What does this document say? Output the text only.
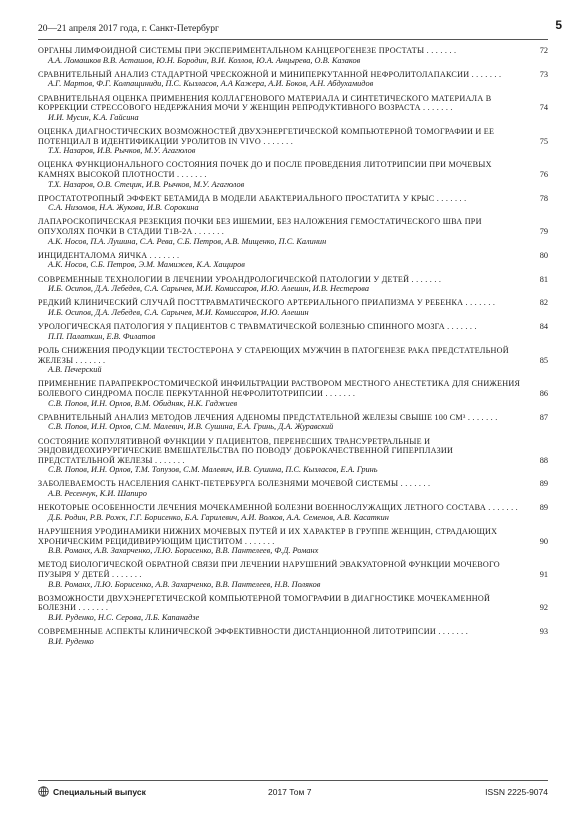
20—21 апреля 2017 года, г. Санкт-Петербург	5
ОРГАНЫ ЛИМФОИДНОЙ СИСТЕМЫ ПРИ ЭКСПЕРИМЕНТАЛЬНОМ КАНЦЕРОГЕНЕЗЕ ПРОСТАТЫ . . . . . . .	72
А.А. Ломашков В.В. Асташов, Ю.Н. Бородин, В.И. Козлов, Ю.А. Анцырева, О.В. Казаков
СРАВНИТЕЛЬНЫЙ АНАЛИЗ СТАДАРТНОЙ ЧРЕСКОЖНОЙ И МИНИПЕРКУТАННОЙ НЕФРОЛИТОЛАПАКСИИ . . . . . . .	73
А.Г. Мартов, Ф.Г. Колпащиниди, П.С. Кызласов, А.А Кажера, А.И. Боков, А.Н. Абдухамидов
СРАВНИТЕЛЬНАЯ ОЦЕНКА ПРИМЕНЕНИЯ КОЛЛАГЕНОВОГО МАТЕРИАЛА И СИНТЕТИЧЕСКОГО МАТЕРИАЛА В КОРРЕКЦИИ СТРЕССОВОГО НЕДЕРЖАНИЯ МОЧИ У ЖЕНЩИН РЕПРОДУКТИВНОГО ВОЗРАСТА . . . . . . .	74
И.И. Мусин, К.А. Гайсина
ОЦЕНКА ДИАГНОСТИЧЕСКИХ ВОЗМОЖНОСТЕЙ ДВУХЭНЕРГЕТИЧЕСКОЙ КОМПЬЮТЕРНОЙ ТОМОГРАФИИ И ЕЕ ПОТЕНЦИАЛ В ИДЕНТИФИКАЦИИ УРОЛИТОВ IN VIVO . . . . . . .	75
Т.Х. Назаров, И.В. Рычков, М.У. Агагюлов
ОЦЕНКА ФУНКЦИОНАЛЬНОГО СОСТОЯНИЯ ПОЧЕК ДО И ПОСЛЕ ПРОВЕДЕНИЯ ЛИТОТРИПСИИ ПРИ МОЧЕВЫХ КАМНЯХ ВЫСОКОЙ ПЛОТНОСТИ . . . . . . .	76
Т.Х. Назаров, О.В. Стецик, И.В. Рычков, М.У. Агагюлов
ПРОСТАТОТРОПНЫЙ ЭФФЕКТ БЕТАМИДА В МОДЕЛИ АБАКТЕРИАЛЬНОГО ПРОСТАТИТА У КРЫС . . . . . . .	78
С.А. Низомов, Н.А. Жукова, И.В. Сорокина
ЛАПАРОСКОПИЧЕСКАЯ РЕЗЕКЦИЯ ПОЧКИ БЕЗ ИШЕМИИ, БЕЗ НАЛОЖЕНИЯ ГЕМОСТАТИЧЕСКОГО ШВА ПРИ ОПУХОЛЯХ ПОЧКИ В СТАДИИ T1B-2A . . . . . . .	79
А.К. Носов, П.А. Лушина, С.А. Рева, С.Б. Петров, А.В. Мищенко, П.С. Калинин
ИНЦИДЕНТАЛОМА ЯИЧКА . . . . . . .	80
А.К. Носов, С.Б. Петров, Э.М. Мамижев, К.А. Хащиров
СОВРЕМЕННЫЕ ТЕХНОЛОГИИ В ЛЕЧЕНИИ УРОАНДРОЛОГИЧЕСКОЙ ПАТОЛОГИИ У ДЕТЕЙ . . . . . . .	81
И.Б. Осипов, Д.А. Лебедев, С.А. Сарычев, М.И. Комиссаров, И.Ю. Алешин, И.В. Нестерова
РЕДКИЙ КЛИНИЧЕСКИЙ СЛУЧАЙ ПОСТТРАВМАТИЧЕСКОГО АРТЕРИАЛЬНОГО ПРИАПИЗМА У РЕБЕНКА . . . . . . .	82
И.Б. Осипов, Д.А. Лебедев, С.А. Сарычев, М.И. Комиссаров, И.Ю. Алешин
УРОЛОГИЧЕСКАЯ ПАТОЛОГИЯ У ПАЦИЕНТОВ С ТРАВМАТИЧЕСКОЙ БОЛЕЗНЬЮ СПИННОГО МОЗГА . . . . . . .	84
П.П. Палаткин, Е.В. Филатов
РОЛЬ СНИЖЕНИЯ ПРОДУКЦИИ ТЕСТОСТЕРОНА У СТАРЕЮЩИХ МУЖЧИН В ПАТОГЕНЕЗЕ РАКА ПРЕДСТАТЕЛЬНОЙ ЖЕЛЕЗЫ . . . . . . .	85
А.В. Печерский
ПРИМЕНЕНИЕ ПАРАПРЕКРОСТОМИЧЕСКОЙ ИНФИЛЬТРАЦИИ РАСТВОРОМ МЕСТНОГО АНЕСТЕТИКА ДЛЯ СНИЖЕНИЯ БОЛЕВОГО СИНДРОМА ПОСЛЕ ПЕРКУТАННОЙ НЕФРОЛИТОТРИПСИИ . . . . . . .	86
С.В. Попов, И.Н. Орлов, В.М. Обидняк, Н.К. Гаджиев
СРАВНИТЕЛЬНЫЙ АНАЛИЗ МЕТОДОВ ЛЕЧЕНИЯ АДЕНОМЫ ПРЕДСТАТЕЛЬНОЙ ЖЕЛЕЗЫ СВЫШЕ 100 СМ³ . . . . . . .	87
С.В. Попов, И.Н. Орлов, С.М. Малевич, И.В. Сушина, Е.А. Гринь, Д.А. Журавский
СОСТОЯНИЕ КОПУЛЯТИВНОЙ ФУНКЦИИ У ПАЦИЕНТОВ, ПЕРЕНЕСШИХ ТРАНСУРЕТРАЛЬНЫЕ И ЭНДОВИДЕОХИРУРГИЧЕСКИЕ ВМЕШАТЕЛЬСТВА ПО ПОВОДУ ДОБРОКАЧЕСТВЕННОЙ ГИПЕРПЛАЗИИ ПРЕДСТАТЕЛЬНОЙ ЖЕЛЕЗЫ . . . . . . .	88
С.В. Попов, И.Н. Орлов, Т.М. Топузов, С.М. Малевич, И.В. Сушина, П.С. Кызласов, Е.А. Гринь
ЗАБОЛЕВАЕМОСТЬ НАСЕЛЕНИЯ САНКТ-ПЕТЕРБУРГА БОЛЕЗНЯМИ МОЧЕВОЙ СИСТЕМЫ . . . . . . .	89
А.В. Ресенчук, К.И. Шапиро
НЕКОТОРЫЕ ОСОБЕННОСТИ ЛЕЧЕНИЯ МОЧЕКАМЕННОЙ БОЛЕЗНИ ВОЕННОСЛУЖАЩИХ ЛЕТНОГО СОСТАВА . . . . . . .	89
Д.Б. Родин, Р.В. Рожк, Г.Г. Борисенко, Б.А. Гарилевич, А.И. Волков, А.А. Семенов, А.В. Касаткин
НАРУШЕНИЯ УРОДИНАМИКИ НИЖНИХ МОЧЕВЫХ ПУТЕЙ И ИХ ХАРАКТЕР В ГРУППЕ ЖЕНЩИН, СТРАДАЮЩИХ ХРОНИЧЕСКИМ РЕЦИДИВИРУЮЩИМ ЦИСТИТОМ . . . . . . .	90
В.В. Романх, А.В. Захарченко, Л.Ю. Борисенко, В.В. Пантелеев, Ф.Д. Романх
МЕТОД БИОЛОГИЧЕСКОЙ ОБРАТНОЙ СВЯЗИ ПРИ ЛЕЧЕНИИ НАРУШЕНИЙ ЭВАКУАТОРНОЙ ФУНКЦИИ МОЧЕВОГО ПУЗЫРЯ У ДЕТЕЙ . . . . . . .	91
В.В. Романх, Л.Ю. Борисенко, А.В. Захарченко, В.В. Пантелеев, Н.В. Поляков
ВОЗМОЖНОСТИ ДВУХЭНЕРГЕТИЧЕСКОЙ КОМПЬЮТЕРНОЙ ТОМОГРАФИИ В ДИАГНОСТИКЕ МОЧЕКАМЕННОЙ БОЛЕЗНИ . . . . . . .	92
В.И. Руденко, Н.С. Серова, Л.Б. Капанадзе
СОВРЕМЕННЫЕ АСПЕКТЫ КЛИНИЧЕСКОЙ ЭФФЕКТИВНОСТИ ДИСТАНЦИОННОЙ ЛИТОТРИПСИИ . . . . . . .	93
В.И. Руденко
Специальный выпуск	2017 Том 7	ISSN 2225-9074
